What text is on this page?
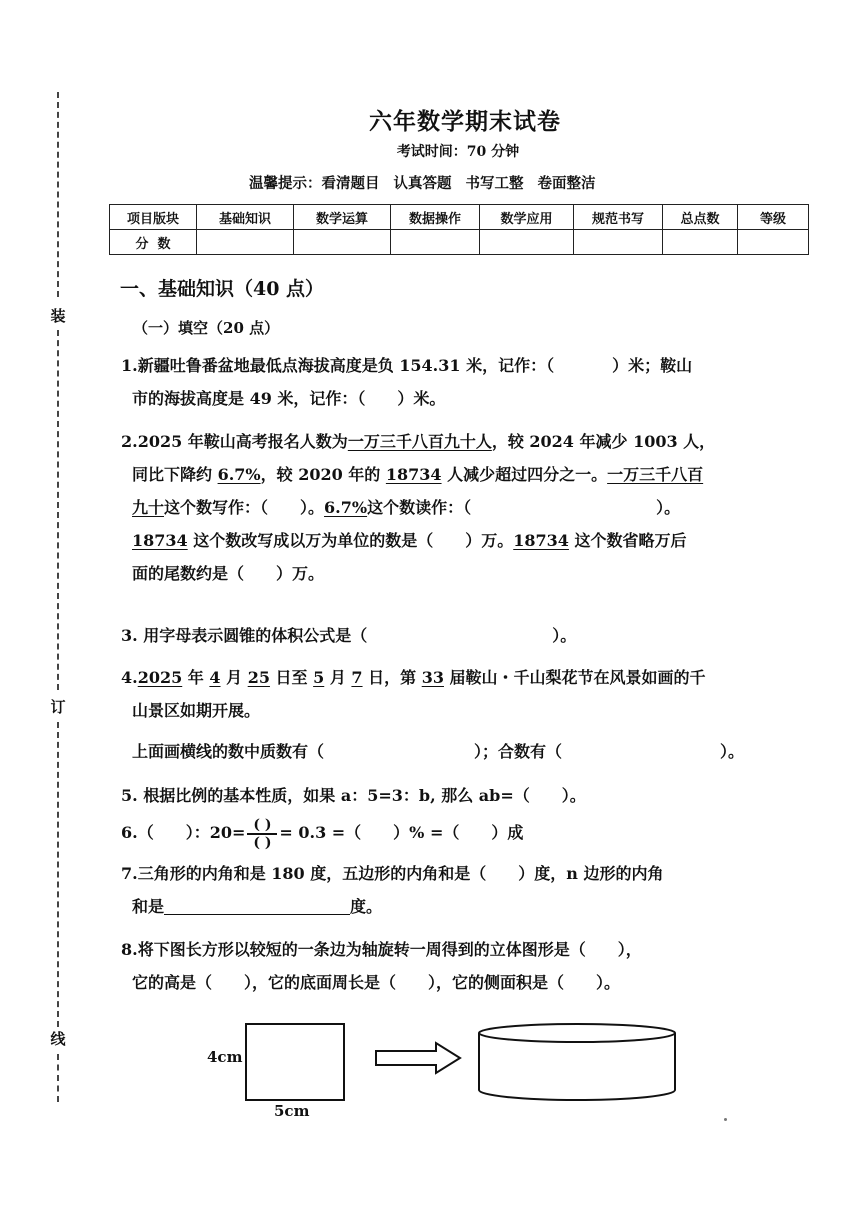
装
订
线
六年数学期末试卷
考试时间：70 分钟
温馨提示：看清题目 认真答题 书写工整 卷面整洁
项目版块	基础知识	数学运算	数据操作	数学应用	规范书写	总点数	等级
分  数							
一、基础知识（40 点）
（一）填空（20 点）
1.新疆吐鲁番盆地最低点海拔高度是负 154.31 米，记作：（	）米；鞍山
市的海拔高度是 49 米，记作：（　　）米。
2.2025 年鞍山高考报名人数为一万三千八百九十人，较 2024 年减少 1003 人，
同比下降约 6.7%，较 2020 年的 18734 人减少超过四分之一。一万三千八百
九十这个数写作：（　　）。6.7%这个数读作：（	）。
18734 这个数改写成以万为单位的数是（　　）万。18734 这个数省略万后
面的尾数约是（　　）万。
3. 用字母表示圆锥的体积公式是（	）。
4.2025 年 4 月 25 日至 5 月 7 日，第 33 届鞍山・千山梨花节在风景如画的千
山景区如期开展。
上面画横线的数中质数有（	）；合数有（	）。
5. 根据比例的基本性质，如果 a：5=3：b, 那么 ab=（　　）。
6.（　　）：$20= \frac{( )}{( )} = 0.3$ =（　　）% =（　　）成
7.三角形的内角和是 180 度，五边形的内角和是（　　）度，n 边形的内角
和是	度。
8.将下图长方形以较短的一条边为轴旋转一周得到的立体图形是（　　），
它的高是（　　），它的底面周长是（　　），它的侧面积是（　　）。
4cm
5cm
